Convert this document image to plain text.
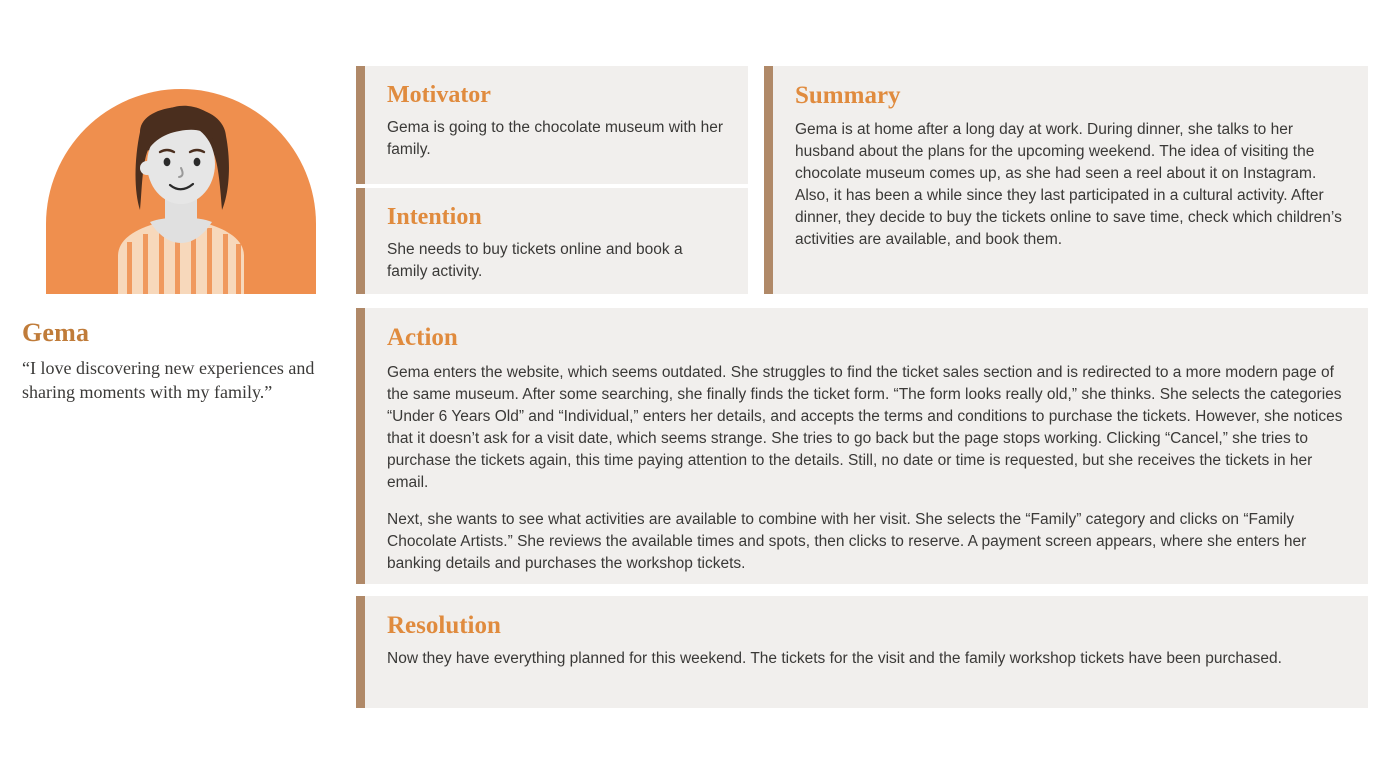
Gema
“I love discovering new experiences and sharing moments with my family.”
Motivator

Gema is going to the chocolate museum with her family.

Intention

She needs to buy tickets online and book a family activity.

Summary

Gema is at home after a long day at work. During dinner, she talks to her husband about the plans for the upcoming weekend. The idea of visiting the chocolate museum comes up, as she had seen a reel about it on Instagram. Also, it has been a while since they last participated in a cultural activity. After dinner, they decide to buy the tickets online to save time, check which children’s activities are available, and book them.

Action

Gema enters the website, which seems outdated. She struggles to find the ticket sales section and is redirected to a more modern page of the same museum. After some searching, she finally finds the ticket form. “The form looks really old,” she thinks. She selects the categories “Under 6 Years Old” and “Individual,” enters her details, and accepts the terms and conditions to purchase the tickets. However, she notices that it doesn’t ask for a visit date, which seems strange. She tries to go back but the page stops working. Clicking “Cancel,” she tries to purchase the tickets again, this time paying attention to the details. Still, no date or time is requested, but she receives the tickets in her email.

Next, she wants to see what activities are available to combine with her visit. She selects the “Family” category and clicks on “Family Chocolate Artists.” She reviews the available times and spots, then clicks to reserve. A payment screen appears, where she enters her banking details and purchases the workshop tickets.

Resolution

Now they have everything planned for this weekend. The tickets for the visit and the family workshop tickets have been purchased.
